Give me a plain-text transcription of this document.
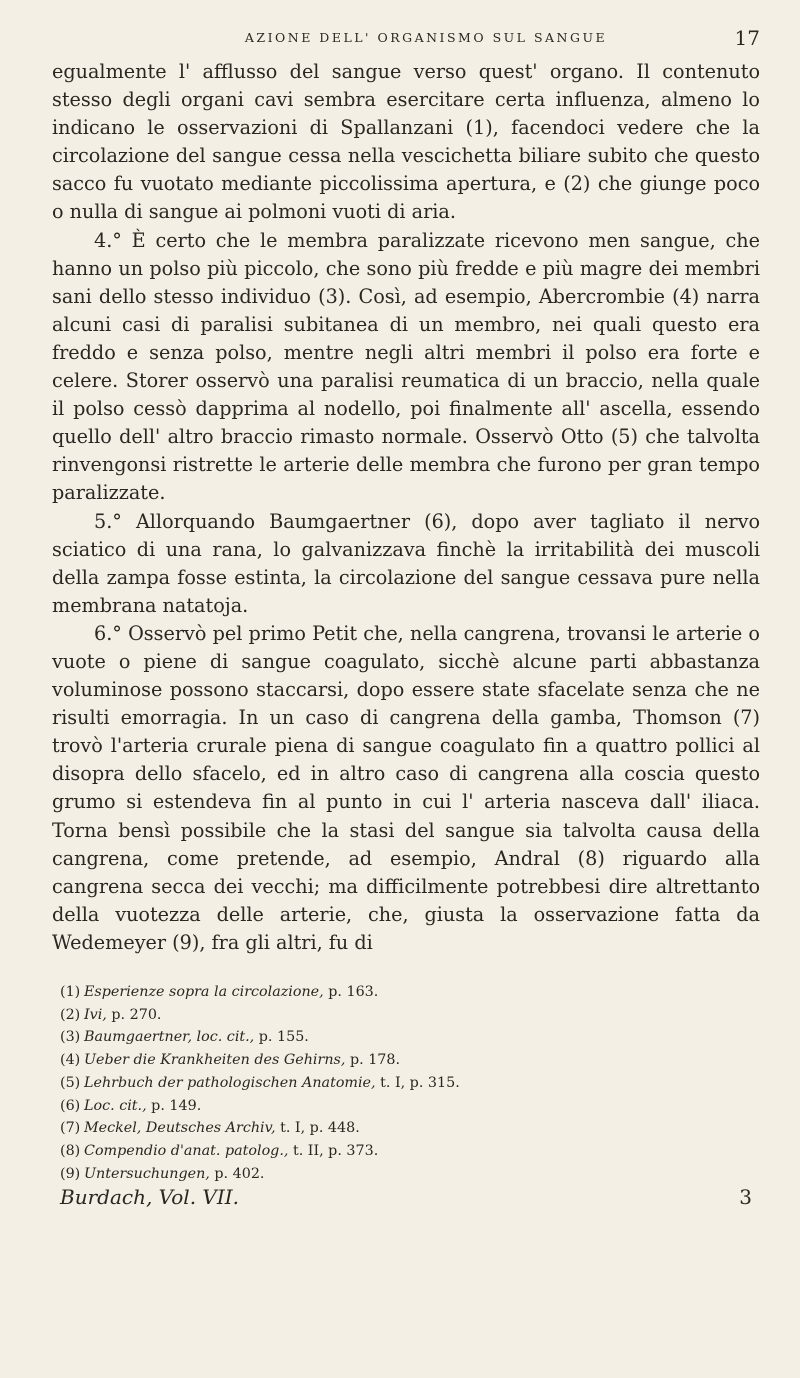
AZIONE DELL' ORGANISMO SUL SANGUE	17

egualmente l' afflusso del sangue verso quest' organo. Il contenuto stesso degli organi cavi sembra esercitare certa influenza, almeno lo indicano le osservazioni di Spallanzani (1), facendoci vedere che la circolazione del sangue cessa nella vescichetta biliare subito che questo sacco fu vuotato mediante piccolissima apertura, e (2) che giunge poco o nulla di sangue ai polmoni vuoti di aria.

4.° È certo che le membra paralizzate ricevono men sangue, che hanno un polso più piccolo, che sono più fredde e più magre dei membri sani dello stesso individuo (3). Così, ad esempio, Abercrombie (4) narra alcuni casi di paralisi subitanea di un membro, nei quali questo era freddo e senza polso, mentre negli altri membri il polso era forte e celere. Storer osservò una paralisi reumatica di un braccio, nella quale il polso cessò dapprima al nodello, poi finalmente all' ascella, essendo quello dell' altro braccio rimasto normale. Osservò Otto (5) che talvolta rinvengonsi ristrette le arterie delle membra che furono per gran tempo paralizzate.

5.° Allorquando Baumgaertner (6), dopo aver tagliato il nervo sciatico di una rana, lo galvanizzava finchè la irritabilità dei muscoli della zampa fosse estinta, la circolazione del sangue cessava pure nella membrana natatoja.

6.° Osservò pel primo Petit che, nella cangrena, trovansi le arterie o vuote o piene di sangue coagulato, sicchè alcune parti abbastanza voluminose possono staccarsi, dopo essere state sfacelate senza che ne risulti emorragia. In un caso di cangrena della gamba, Thomson (7) trovò l'arteria crurale piena di sangue coagulato fin a quattro pollici al disopra dello sfacelo, ed in altro caso di cangrena alla coscia questo grumo si estendeva fin al punto in cui l' arteria nasceva dall' iliaca. Torna bensì possibile che la stasi del sangue sia talvolta causa della cangrena, come pretende, ad esempio, Andral (8) riguardo alla cangrena secca dei vecchi; ma difficilmente potrebbesi dire altrettanto della vuotezza delle arterie, che, giusta la osservazione fatta da Wedemeyer (9), fra gli altri, fu di

(1) Esperienze sopra la circolazione, p. 163.
(2) Ivi, p. 270.
(3) Baumgaertner, loc. cit., p. 155.
(4) Ueber die Krankheiten des Gehirns, p. 178.
(5) Lehrbuch der pathologischen Anatomie, t. I, p. 315.
(6) Loc. cit., p. 149.
(7) Meckel, Deutsches Archiv, t. I, p. 448.
(8) Compendio d'anat. patolog., t. II, p. 373.
(9) Untersuchungen, p. 402.
Burdach, Vol. VII.	3
